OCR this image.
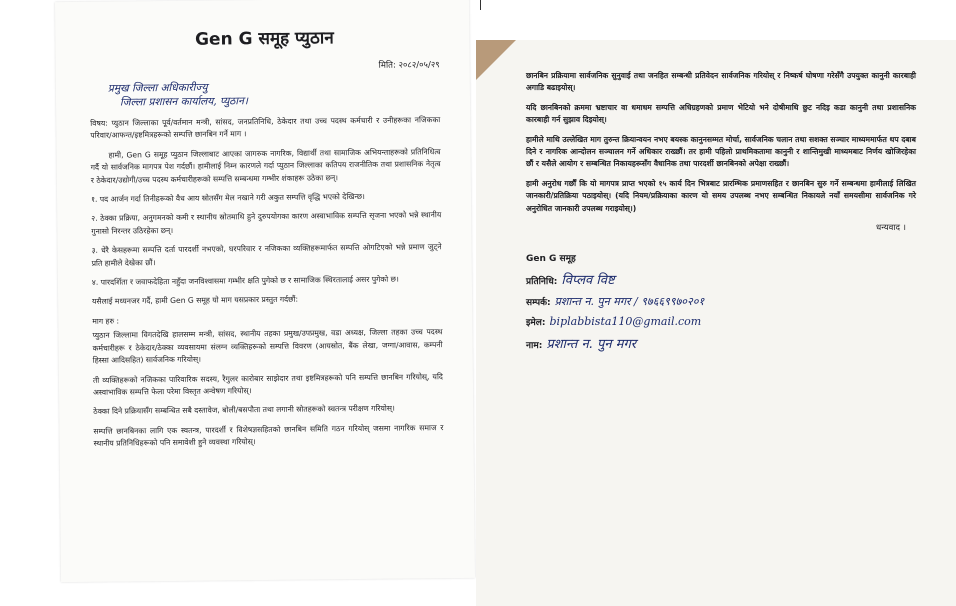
Gen G समूह प्युठान
मिति: २०८२/०५/२९
प्रमुख जिल्ला अधिकारीज्यु
जिल्ला प्रशासन कार्यालय, प्युठान।

विषय: प्युठान जिल्लाका पूर्व/वर्तमान मन्त्री, सांसद, जनप्रतिनिधि, ठेकेदार तथा उच्च पदस्थ कर्मचारी र उनीहरूका नजिकका परिवार/आफन्त/इष्टमित्रहरूको सम्पत्ति छानबिन गर्ने माग ।

हामी, Gen G समूह प्युठान जिल्लाबाट आएका जागरुक नागरिक, विद्यार्थी तथा सामाजिक अभियन्ताहरूको प्रतिनिधित्व गर्दै यो सार्वजनिक मागपत्र पेश गर्दछौं। हामीलाई निम्न कारणले गर्दा प्युठान जिल्लाका कतिपय राजनीतिक तथा प्रशासनिक नेतृत्व र ठेकेदार/उद्योगी/उच्च पदस्थ कर्मचारीहरूको सम्पत्ति सम्बन्धमा गम्भीर शंकाहरू उठेका छन्।

१. पद आर्जन गर्दा तिनीहरूको वैध आय स्रोतसँग मेल नखाने गरी अकुत सम्पत्ति वृद्धि भएको देखिन्छ।

२. ठेक्का प्रक्रिया, अनुगमनको कमी र स्थानीय स्रोतमाथि हुने दुरुपयोगका कारण अस्वाभाविक सम्पत्ति सृजना भएको भन्ने स्थानीय गुनासो निरन्तर उठिरहेका छन्।

३. धेरै केसहरूमा सम्पत्ति दर्ता पारदर्शी नभएको, घरपरिवार र नजिकका व्यक्तिहरूमार्फत सम्पत्ति ओगटिएको भन्ने प्रमाण जुट्ने प्रति हामीले देखेका छौं।

४. पारदर्शिता र जवाफदेहिता नहुँदा जनविश्वासमा गम्भीर क्षति पुगेको छ र सामाजिक स्थिरतालाई असर पुगेको छ।

यसैलाई मध्यनजर गर्दै, हामी Gen G समूह यो माग यसप्रकार प्रस्तुत गर्दछौं:

माग हरु :

प्युठान जिल्लामा विगतदेखि हालसम्म मन्त्री, सांसद, स्थानीय तहका प्रमुख/उपप्रमुख, वडा अध्यक्ष, जिल्ला तहका उच्च पदस्थ कर्मचारीहरू र ठेकेदार/ठेक्का व्यवसायमा संलग्न व्यक्तिहरूको सम्पत्ति विवरण (आयस्रोत, बैंक लेखा, जग्गा/आवास, कम्पनी हिस्सा आदिसहित) सार्वजनिक गरियोस्।

ती व्यक्तिहरूको नजिकका पारिवारिक सदस्य, रैगुलर कारोबार साझेदार तथा इष्टमित्रहरूको पनि सम्पत्ति छानबिन गरियोस्, यदि अस्वाभाविक सम्पत्ति फेला परेमा विस्तृत अन्वेषण गरियोस्।

ठेक्का दिने प्रक्रियासँग सम्बन्धित सबै दस्तावेज, बोली/बसपौता तथा लगानी स्रोतहरूको स्वतन्त्र परीक्षण गरियोस्।

सम्पत्ति छानबिनका लागि एक स्वतन्त्र, पारदर्शी र विशेषज्ञसहितको छानबिन समिति गठन गरियोस् जसमा नागरिक समाज र स्थानीय प्रतिनिधिहरूको पनि समावेशी हुने व्यवस्था गरियोस्।

छानबिन प्रक्रियामा सार्वजनिक सुनुवाई तथा जनहित सम्बन्धी प्रतिवेदन सार्वजनिक गरियोस् र निष्कर्ष घोषणा गरेसँगै उपयुक्त कानुनी कारबाही अगाडि बढाइयोस्।

यदि छानबिनको क्रममा भ्रष्टाचार वा धमाधम सम्पत्ति अधिग्रहणको प्रमाण भेटियो भने दोषीमाथि छुट नदिइ कडा कानुनी तथा प्रशासनिक कारबाही गर्न सुझाव दिइयोस्।

हामीले माथि उल्लेखित माग तुरुन्त क्रियान्वयन नभए बयस्क कानुनसम्मत मोर्चा, सार्वजनिक चलान तथा सशक्त सञ्चार माध्यममार्फत थप दबाब दिने र नागरिक आन्दोलन सञ्चालन गर्ने अधिकार राख्छौं। तर हामी पहिलो प्राथमिकतामा कानुनी र शान्तिमुखी माध्यमबाट निर्णय खोजिरहेका छौं र यसैले आयोग र सम्बन्धित निकायहरूसँग वैधानिक तथा पारदर्शी छानबिनको अपेक्षा राख्छौं।

हामी अनुरोध गर्छौं कि यो मागपत्र प्राप्त भएको १५ कार्य दिन भित्रबाट प्रारम्भिक प्रमाणसहित र छानबिन सुरु गर्ने सम्बन्धमा हामीलाई लिखित जानकारी/प्रतिक्रिया पठाइयोस्। (यदि नियम/प्रक्रियाका कारण यो समय उपलब्ध नभए सम्बन्धित निकायले नयाँ समयसीमा सार्वजनिक गरे अनुरोधित जानकारी उपलब्ध गराइयोस्।)

धन्यवाद ।
Gen G समूह
प्रतिनिधि: विप्लव विष्ट
सम्पर्क: प्रशान्त न. पुन मगर / ९७६६९९७०२०१
इमेल: biplabbista110@gmail.com
नाम: प्रशान्त न. पुन मगर
